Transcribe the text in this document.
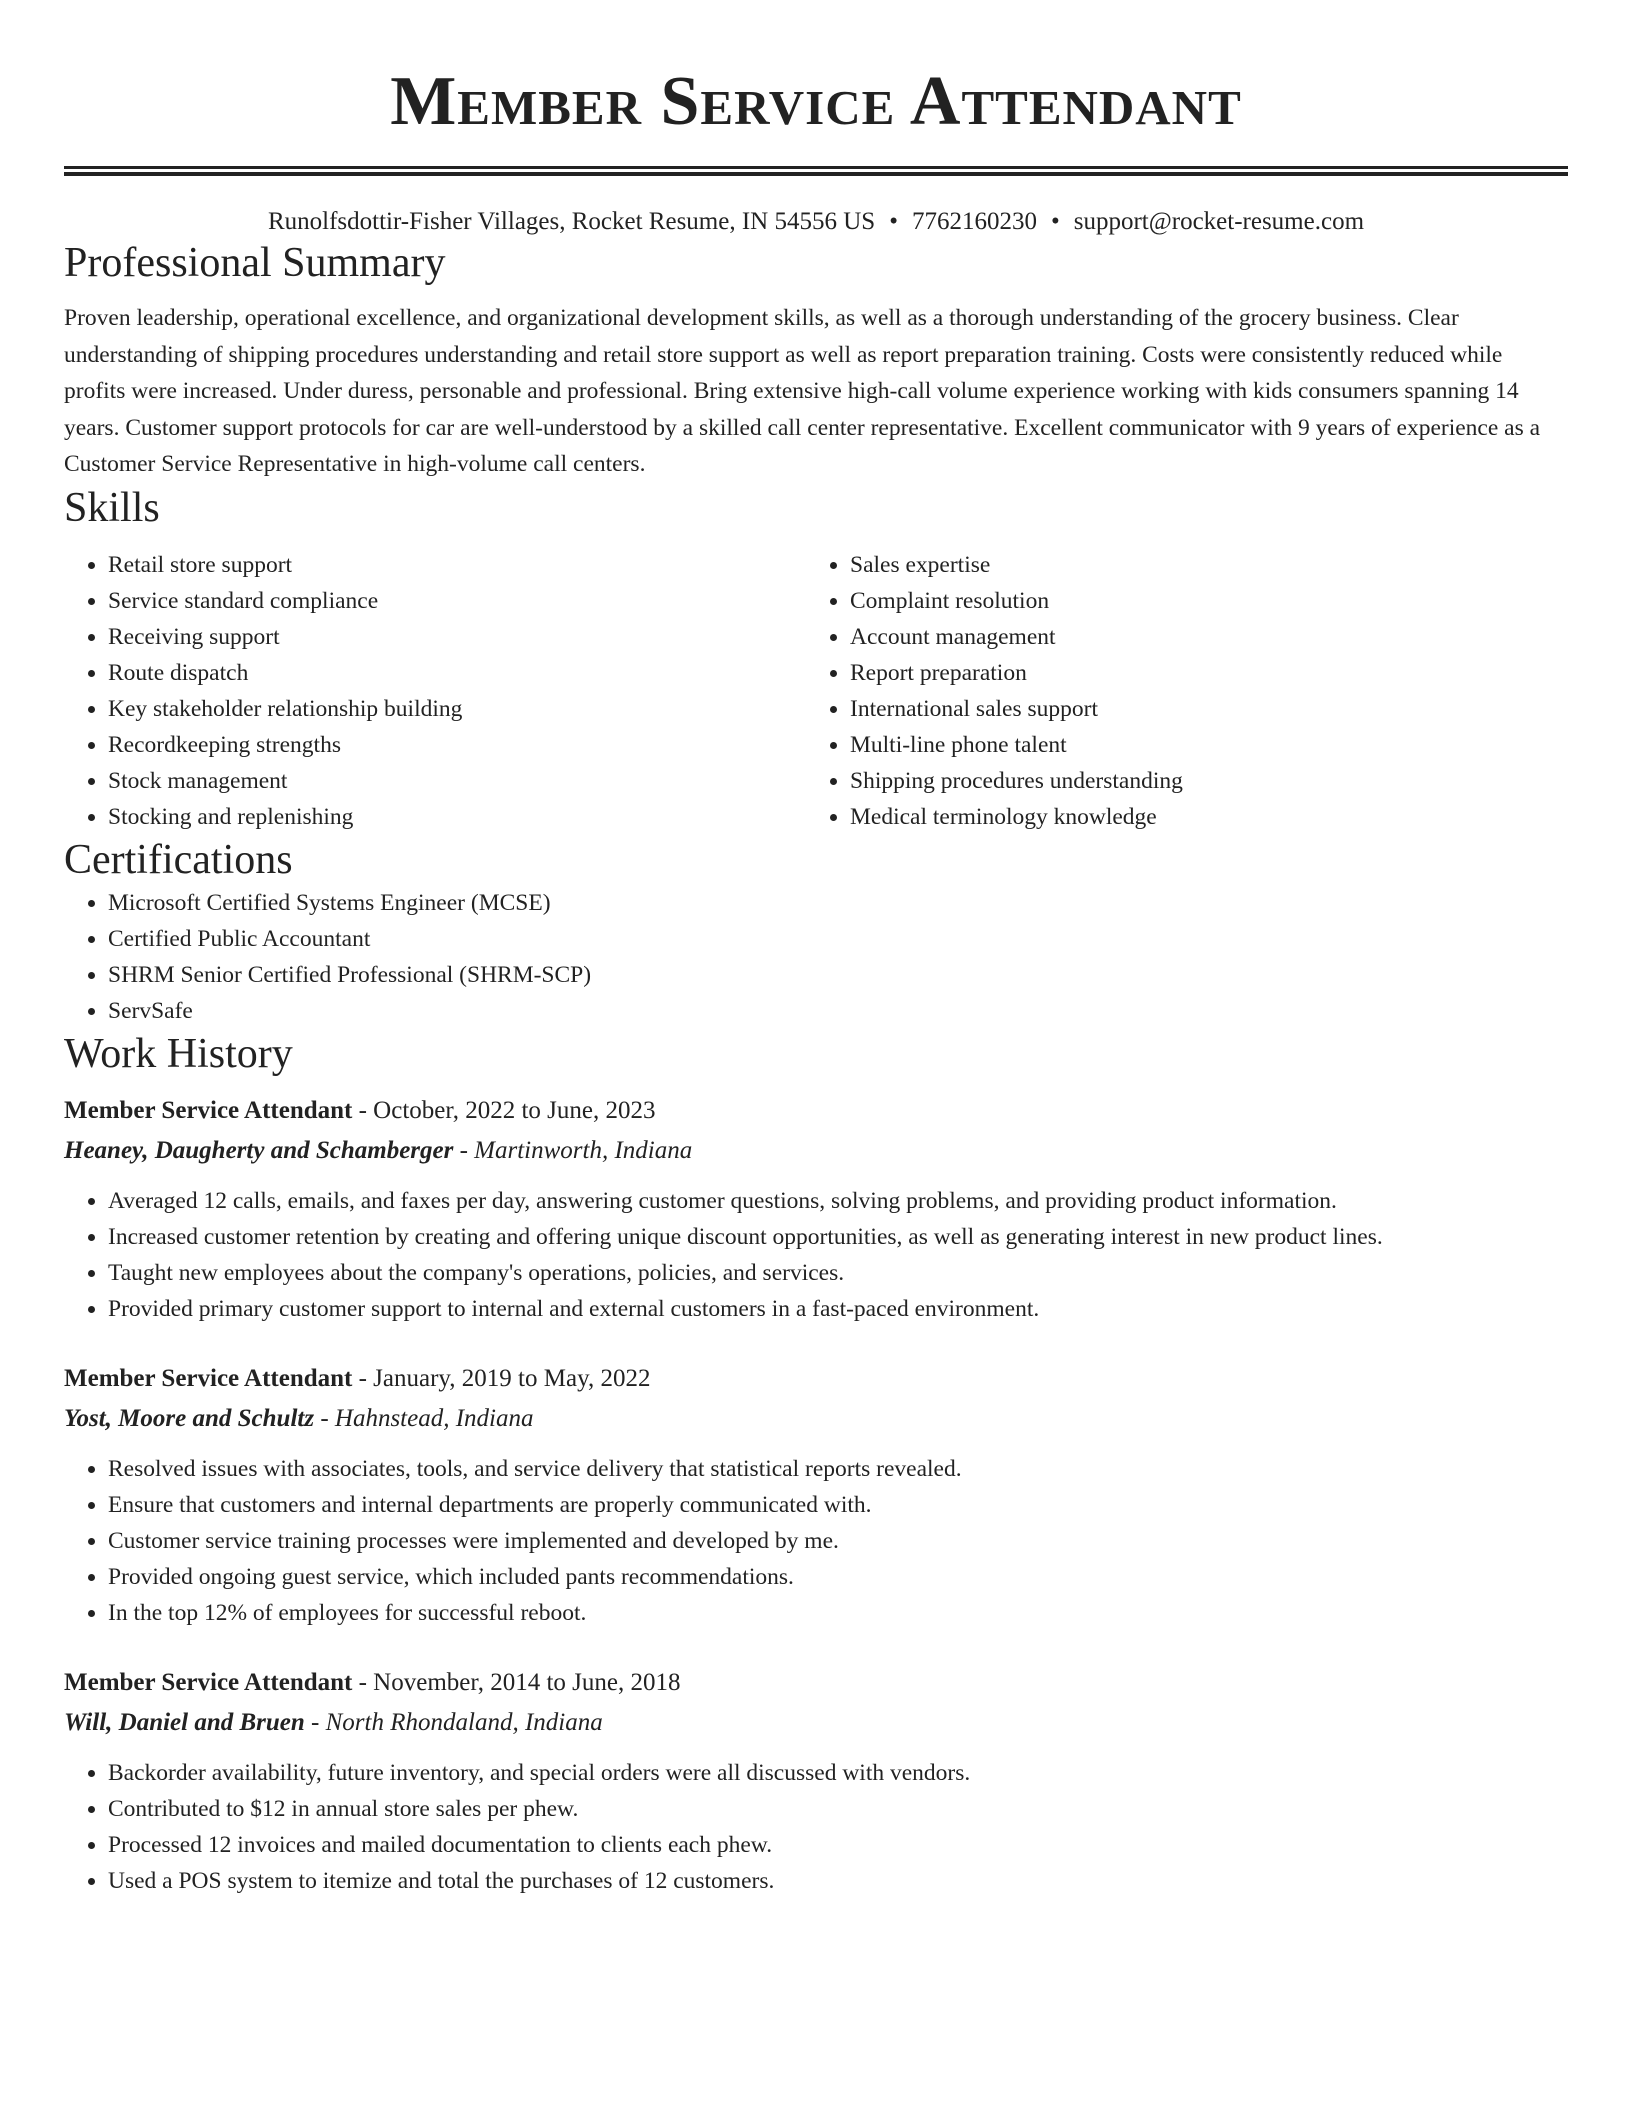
Member Service Attendant
Runolfsdottir-Fisher Villages, Rocket Resume, IN 54556 US • 7762160230 • support@rocket-resume.com
Professional Summary

Proven leadership, operational excellence, and organizational development skills, as well as a thorough understanding of the grocery business. Clear understanding of shipping procedures understanding and retail store support as well as report preparation training. Costs were consistently reduced while profits were increased. Under duress, personable and professional. Bring extensive high-call volume experience working with kids consumers spanning 14 years. Customer support protocols for car are well-understood by a skilled call center representative. Excellent communicator with 9 years of experience as a Customer Service Representative in high-volume call centers.

Skills
• Retail store support
• Service standard compliance
• Receiving support
• Route dispatch
• Key stakeholder relationship building
• Recordkeeping strengths
• Stock management
• Stocking and replenishing
• Sales expertise
• Complaint resolution
• Account management
• Report preparation
• International sales support
• Multi-line phone talent
• Shipping procedures understanding
• Medical terminology knowledge
Certifications
• Microsoft Certified Systems Engineer (MCSE)
• Certified Public Accountant
• SHRM Senior Certified Professional (SHRM-SCP)
• ServSafe
Work History
Member Service Attendant - October, 2022 to June, 2023
Heaney, Daugherty and Schamberger - Martinworth, Indiana
• Averaged 12 calls, emails, and faxes per day, answering customer questions, solving problems, and providing product information.
• Increased customer retention by creating and offering unique discount opportunities, as well as generating interest in new product lines.
• Taught new employees about the company's operations, policies, and services.
• Provided primary customer support to internal and external customers in a fast-paced environment.
Member Service Attendant - January, 2019 to May, 2022
Yost, Moore and Schultz - Hahnstead, Indiana
• Resolved issues with associates, tools, and service delivery that statistical reports revealed.
• Ensure that customers and internal departments are properly communicated with.
• Customer service training processes were implemented and developed by me.
• Provided ongoing guest service, which included pants recommendations.
• In the top 12% of employees for successful reboot.
Member Service Attendant - November, 2014 to June, 2018
Will, Daniel and Bruen - North Rhondaland, Indiana
• Backorder availability, future inventory, and special orders were all discussed with vendors.
• Contributed to $12 in annual store sales per phew.
• Processed 12 invoices and mailed documentation to clients each phew.
• Used a POS system to itemize and total the purchases of 12 customers.
